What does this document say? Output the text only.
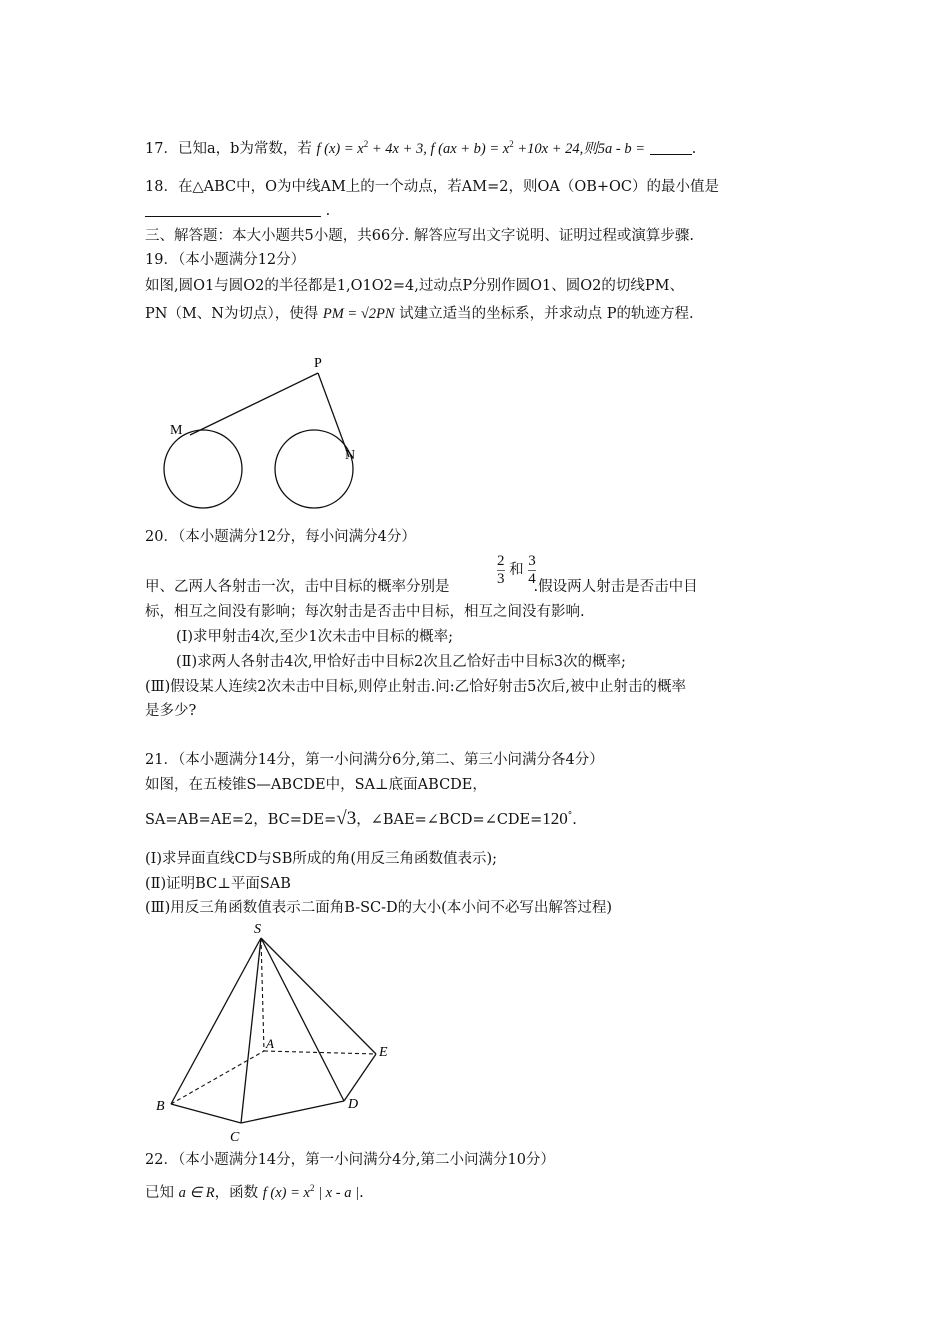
17．已知a，b为常数，若 f $(x) = x^2 + 4x + 3$, f $(ax + b) = x^2 +10x + 24$,则5a - b =	.
18．在△ABC中，O为中线AM上的一个动点，若AM=2，则OA（OB+OC）的最小值是
.
三、解答题：本大小题共5小题，共66分. 解答应写出文字说明、证明过程或演算步骤.
19．（本小题满分12分）
如图,圆O1与圆O2的半径都是1,O1O2=4,过动点P分别作圆O1、圆O2的切线PM、
PN（M、N为切点），使得 PM = √2PN 试建立适当的坐标系，并求动点 P的轨迹方程.
P
M
N
20．（本小题满分12分，每小问满分4分）
$\frac{2}{3}$ 和 $\frac{3}{4}$
甲、乙两人各射击一次，击中目标的概率分别是	.假设两人射击是否击中目
标，相互之间没有影响；每次射击是否击中目标，相互之间没有影响.
(Ⅰ)求甲射击4次,至少1次未击中目标的概率;
(Ⅱ)求两人各射击4次,甲恰好击中目标2次且乙恰好击中目标3次的概率;
(Ⅲ)假设某人连续2次未击中目标,则停止射击.问:乙恰好射击5次后,被中止射击的概率
是多少?
21．（本小题满分14分，第一小问满分6分,第二、第三小问满分各4分）
如图，在五棱锥S—ABCDE中，SA⊥底面ABCDE，
SA=AB=AE=2，BC=DE=√3，∠BAE=∠BCD=∠CDE=120°.
(Ⅰ)求异面直线CD与SB所成的角(用反三角函数值表示);
(Ⅱ)证明BC⊥平面SAB
(Ⅲ)用反三角函数值表示二面角B-SC-D的大小(本小问不必写出解答过程)
S
A
B
C
D
E
22．（本小题满分14分，第一小问满分4分,第二小问满分10分）
已知 a ∈ R，函数 f $(x) = x^2$ | x - a |.
